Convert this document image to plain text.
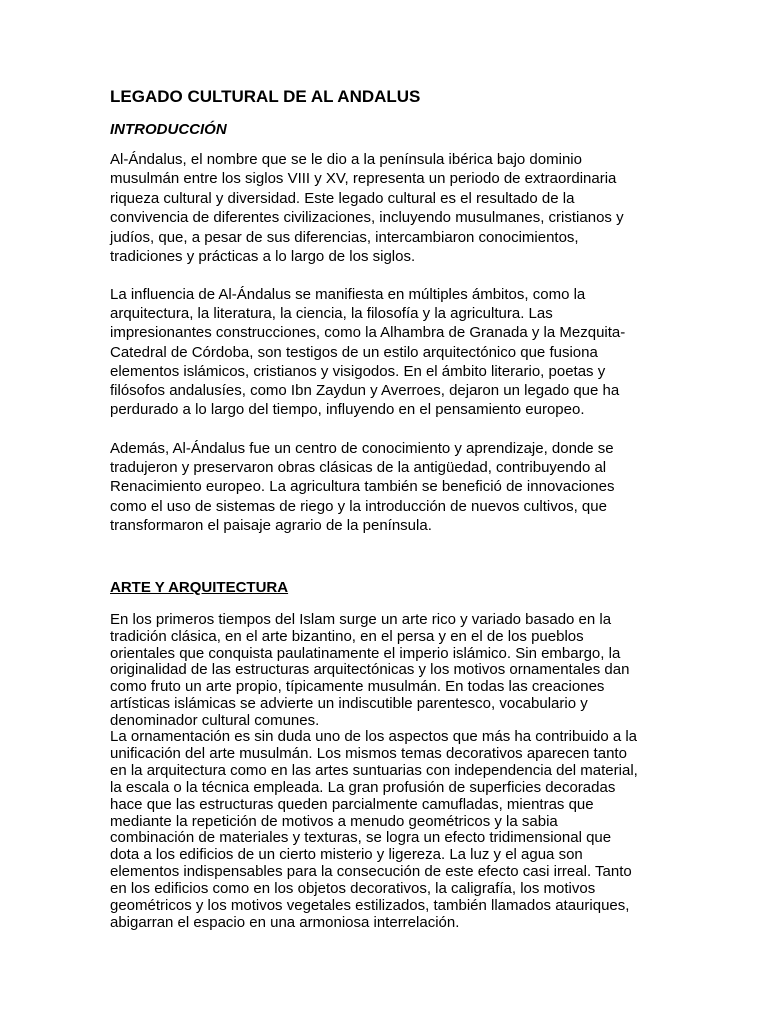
LEGADO CULTURAL DE AL ANDALUS
INTRODUCCIÓN

Al-Ándalus, el nombre que se le dio a la península ibérica bajo dominio
musulmán entre los siglos VIII y XV, representa un periodo de extraordinaria
riqueza cultural y diversidad. Este legado cultural es el resultado de la
convivencia de diferentes civilizaciones, incluyendo musulmanes, cristianos y
judíos, que, a pesar de sus diferencias, intercambiaron conocimientos,
tradiciones y prácticas a lo largo de los siglos.

La influencia de Al-Ándalus se manifiesta en múltiples ámbitos, como la
arquitectura, la literatura, la ciencia, la filosofía y la agricultura. Las
impresionantes construcciones, como la Alhambra de Granada y la Mezquita-
Catedral de Córdoba, son testigos de un estilo arquitectónico que fusiona
elementos islámicos, cristianos y visigodos. En el ámbito literario, poetas y
filósofos andalusíes, como Ibn Zaydun y Averroes, dejaron un legado que ha
perdurado a lo largo del tiempo, influyendo en el pensamiento europeo.

Además, Al-Ándalus fue un centro de conocimiento y aprendizaje, donde se
tradujeron y preservaron obras clásicas de la antigüedad, contribuyendo al
Renacimiento europeo. La agricultura también se benefició de innovaciones
como el uso de sistemas de riego y la introducción de nuevos cultivos, que
transformaron el paisaje agrario de la península.

ARTE Y ARQUITECTURA

En los primeros tiempos del Islam surge un arte rico y variado basado en la
tradición clásica, en el arte bizantino, en el persa y en el de los pueblos
orientales que conquista paulatinamente el imperio islámico. Sin embargo, la
originalidad de las estructuras arquitectónicas y los motivos ornamentales dan
como fruto un arte propio, típicamente musulmán. En todas las creaciones
artísticas islámicas se advierte un indiscutible parentesco, vocabulario y
denominador cultural comunes.

La ornamentación es sin duda uno de los aspectos que más ha contribuido a la
unificación del arte musulmán. Los mismos temas decorativos aparecen tanto
en la arquitectura como en las artes suntuarias con independencia del material,
la escala o la técnica empleada. La gran profusión de superficies decoradas
hace que las estructuras queden parcialmente camufladas, mientras que
mediante la repetición de motivos a menudo geométricos y la sabia
combinación de materiales y texturas, se logra un efecto tridimensional que
dota a los edificios de un cierto misterio y ligereza. La luz y el agua son
elementos indispensables para la consecución de este efecto casi irreal. Tanto
en los edificios como en los objetos decorativos, la caligrafía, los motivos
geométricos y los motivos vegetales estilizados, también llamados atauriques,
abigarran el espacio en una armoniosa interrelación.
